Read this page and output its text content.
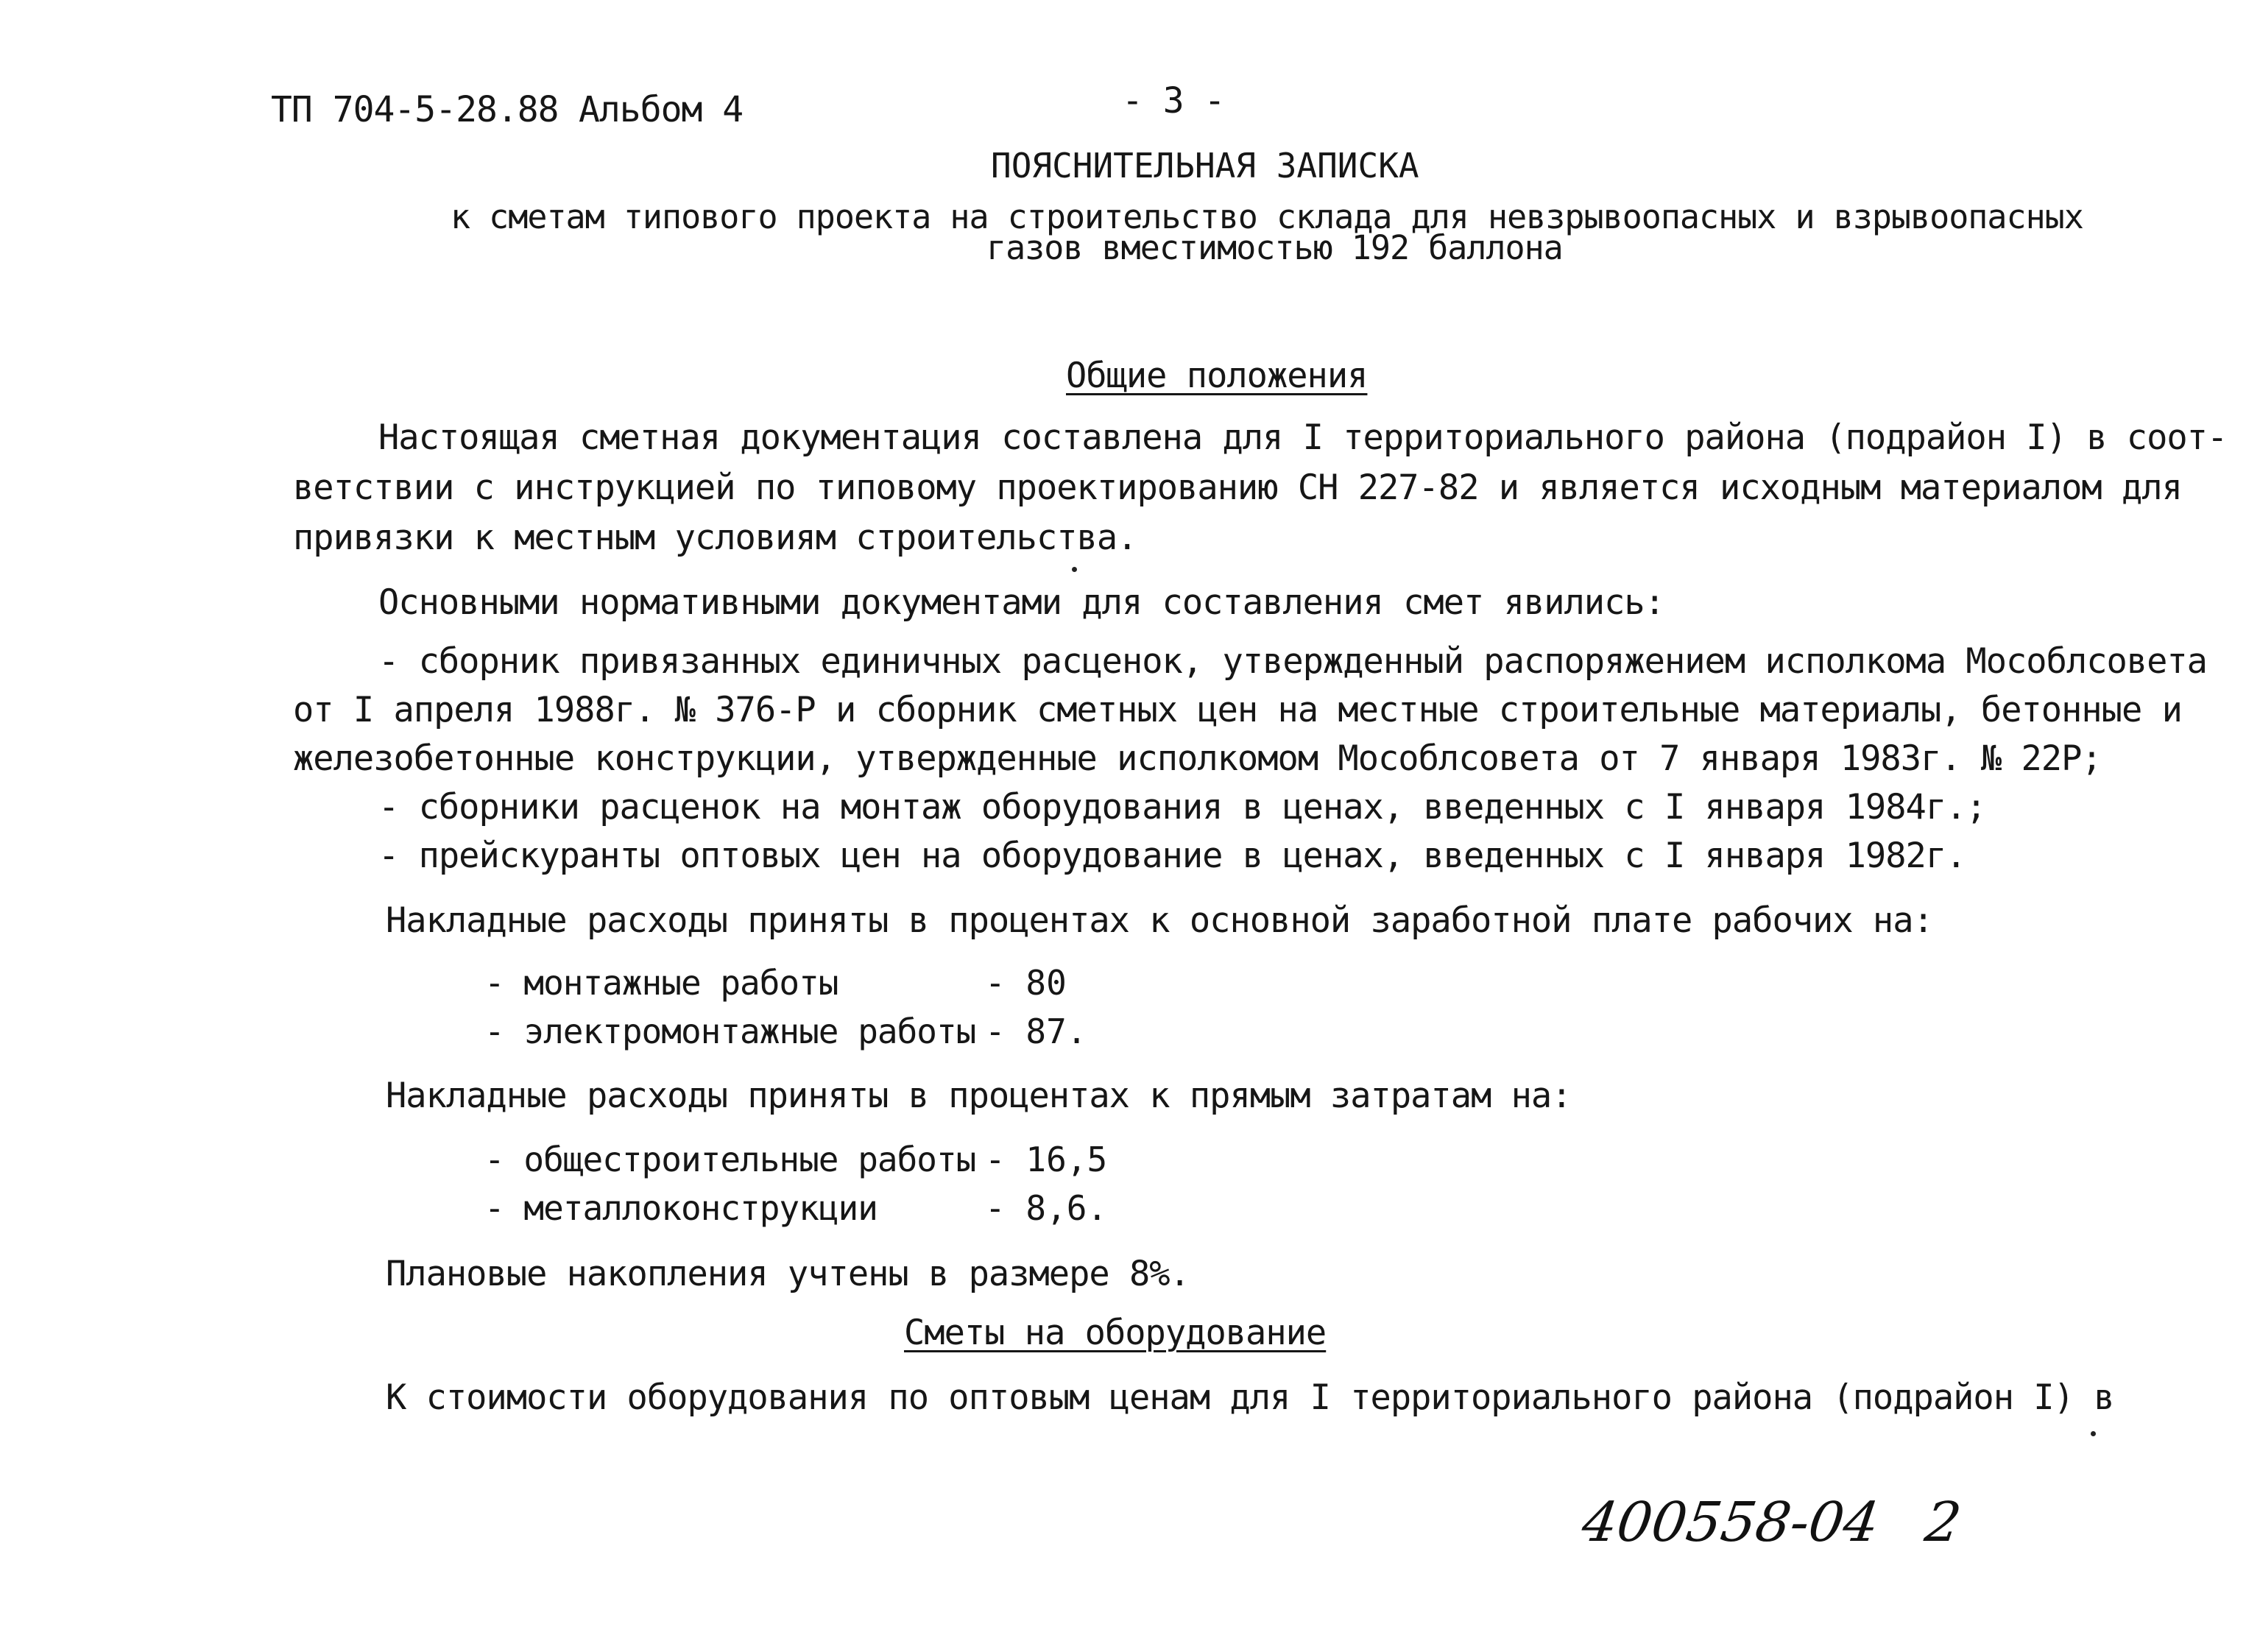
ТП 704-5-28.88 Альбом 4	- 3 -
ПОЯСНИТЕЛЬНАЯ ЗАПИСКА
к сметам типового проекта на строительство склада для невзрывоопасных и взрывоопасных
газов вместимостью 192 баллона
Общие положения
Настоящая сметная документация составлена для I территориального района (подрайон I) в соот-
ветствии с инструкцией по типовому проектированию СН 227-82 и является исходным материалом для
привязки к местным условиям строительства.
Основными нормативными документами для составления смет явились:
- сборник привязанных единичных расценок, утвержденный распоряжением исполкома Мособлсовета
от I апреля 1988г. № 376-Р и сборник сметных цен на местные строительные материалы, бетонные и
железобетонные конструкции, утвержденные исполкомом Мособлсовета от 7 января 1983г. № 22Р;
- сборники расценок на монтаж оборудования в ценах, введенных с I января 1984г.;
- прейскуранты оптовых цен на оборудование в ценах, введенных с I января 1982г.
Накладные расходы приняты в процентах к основной заработной плате рабочих на:
- монтажные работы	- 80
- электромонтажные работы - 87.
Накладные расходы приняты в процентах к прямым затратам на:
- общестроительные работы - 16,5
- металлоконструкции	- 8,6.
Плановые накопления учтены в размере 8%.
Сметы на оборудование
К стоимости оборудования по оптовым ценам для I территориального района (подрайон I) в
400558-04 2
